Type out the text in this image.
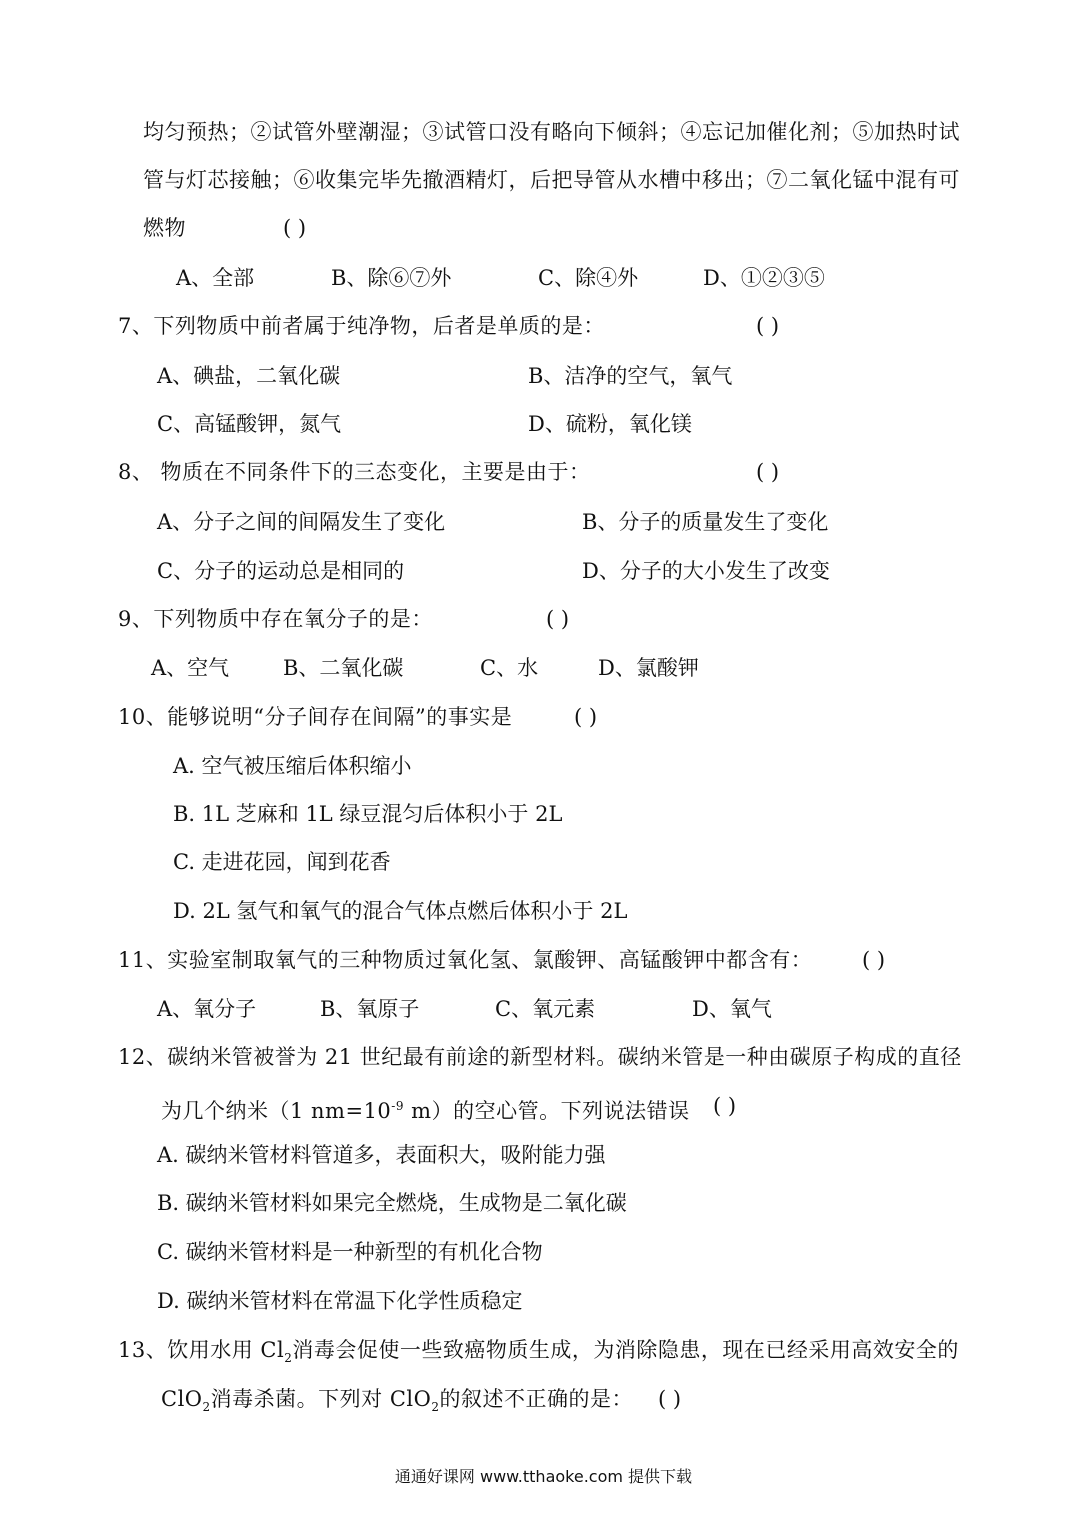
均匀预热；②试管外壁潮湿；③试管口没有略向下倾斜；④忘记加催化剂；⑤加热时试
管与灯芯接触；⑥收集完毕先撤酒精灯，后把导管从水槽中移出；⑦二氧化锰中混有可
燃物	( )
A、全部	B、除⑥⑦外	C、除④外	D、①②③⑤
7、下列物质中前者属于纯净物，后者是单质的是：	( )
A、碘盐，二氧化碳	B、洁净的空气，氧气
C、高锰酸钾，氮气	D、硫粉，氧化镁
8、 物质在不同条件下的三态变化，主要是由于：	( )
A、分子之间的间隔发生了变化	B、分子的质量发生了变化
C、分子的运动总是相同的	D、分子的大小发生了改变
9、下列物质中存在氧分子的是：	( )
A、空气	B、二氧化碳	C、水	D、氯酸钾
10、能够说明“分子间存在间隔”的事实是	( )
A. 空气被压缩后体积缩小
B. 1L 芝麻和 1L 绿豆混匀后体积小于 2L
C. 走进花园，闻到花香
D. 2L 氢气和氧气的混合气体点燃后体积小于 2L
11、实验室制取氧气的三种物质过氧化氢、氯酸钾、高锰酸钾中都含有： ( )
A、氧分子	B、氧原子	C、氧元素	D、氧气
12、碳纳米管被誉为 21 世纪最有前途的新型材料。碳纳米管是一种由碳原子构成的直径
为几个纳米（1 $nm=10^{-9}$ m）的空心管。下列说法错误 ( )
A. 碳纳米管材料管道多，表面积大，吸附能力强
B. 碳纳米管材料如果完全燃烧，生成物是二氧化碳
C. 碳纳米管材料是一种新型的有机化合物
D. 碳纳米管材料在常温下化学性质稳定
13、饮用水用 $Cl_2$消毒会促使一些致癌物质生成，为消除隐患，现在已经采用高效安全的
ClO$_2$消毒杀菌。下列对 ClO$_2$的叙述不正确的是： ( )
通通好课网 www.tthaoke.com 提供下载
